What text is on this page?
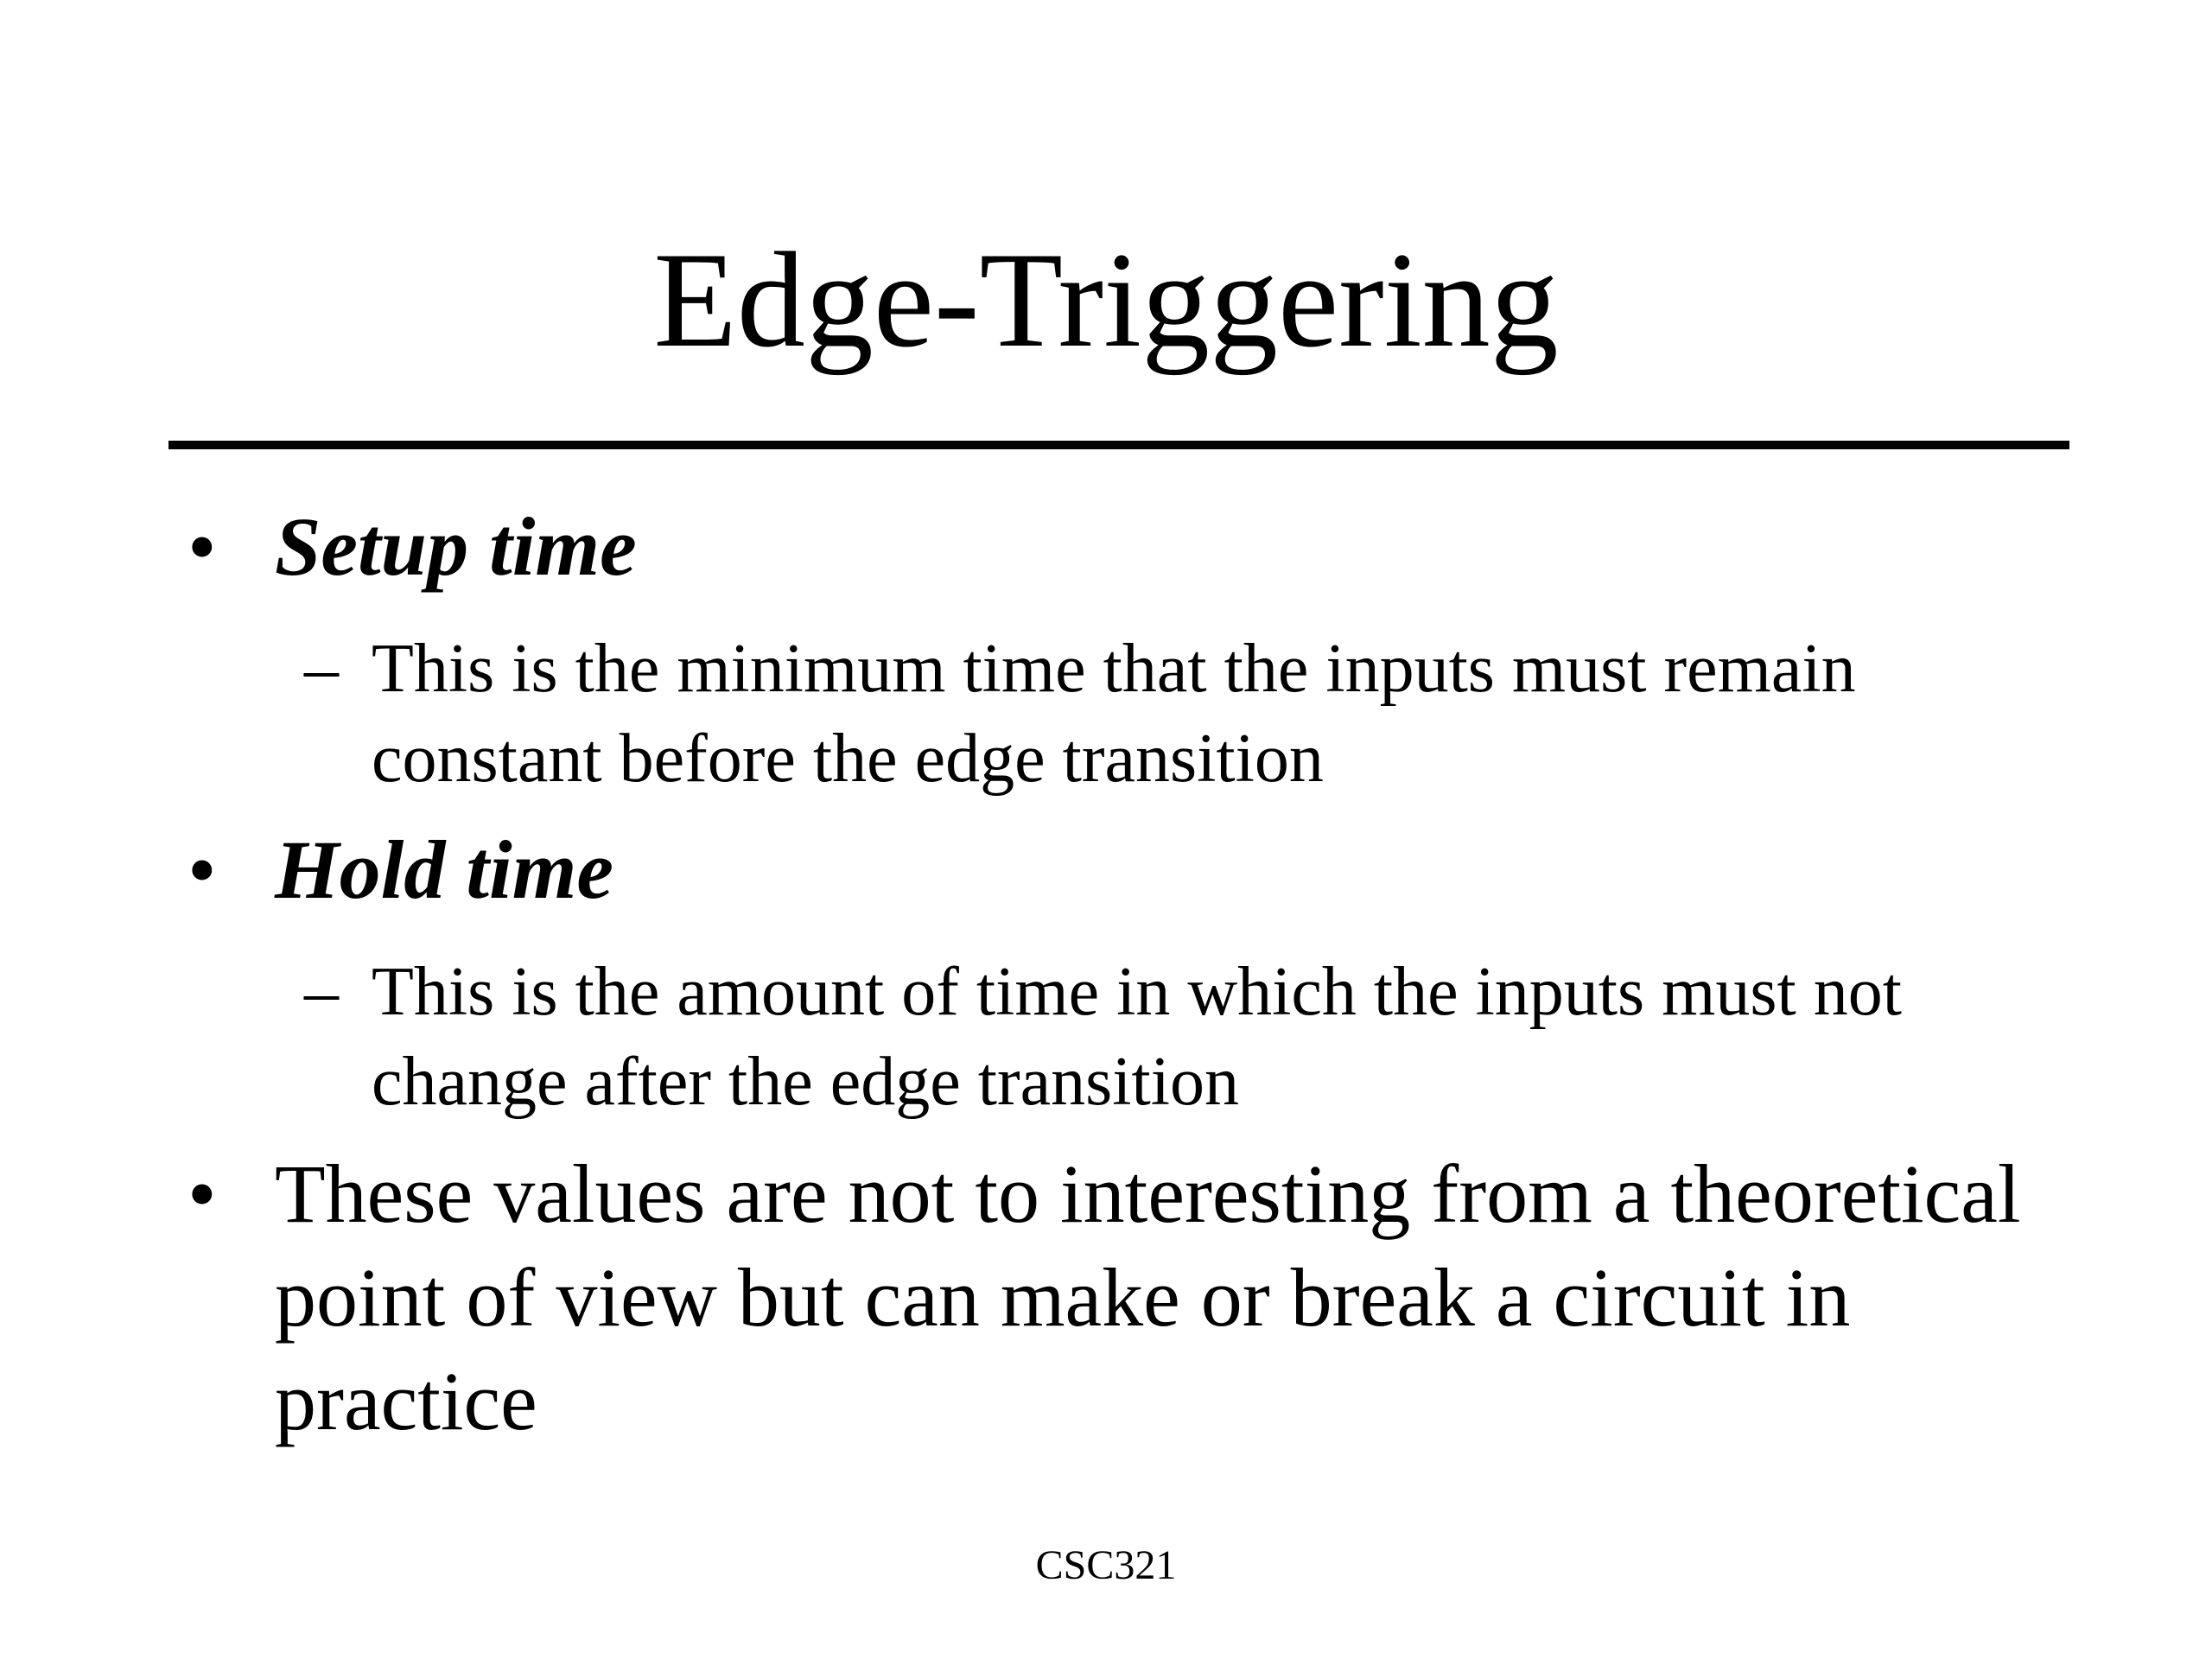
Edge-Triggering
• Setup time
– This is the minimum time that the inputs must remain constant before the edge transition
• Hold time
– This is the amount of time in which the inputs must not change after the edge transition
• These values are not to interesting from a theoretical point of view but can make or break a circuit in practice
CSC321
